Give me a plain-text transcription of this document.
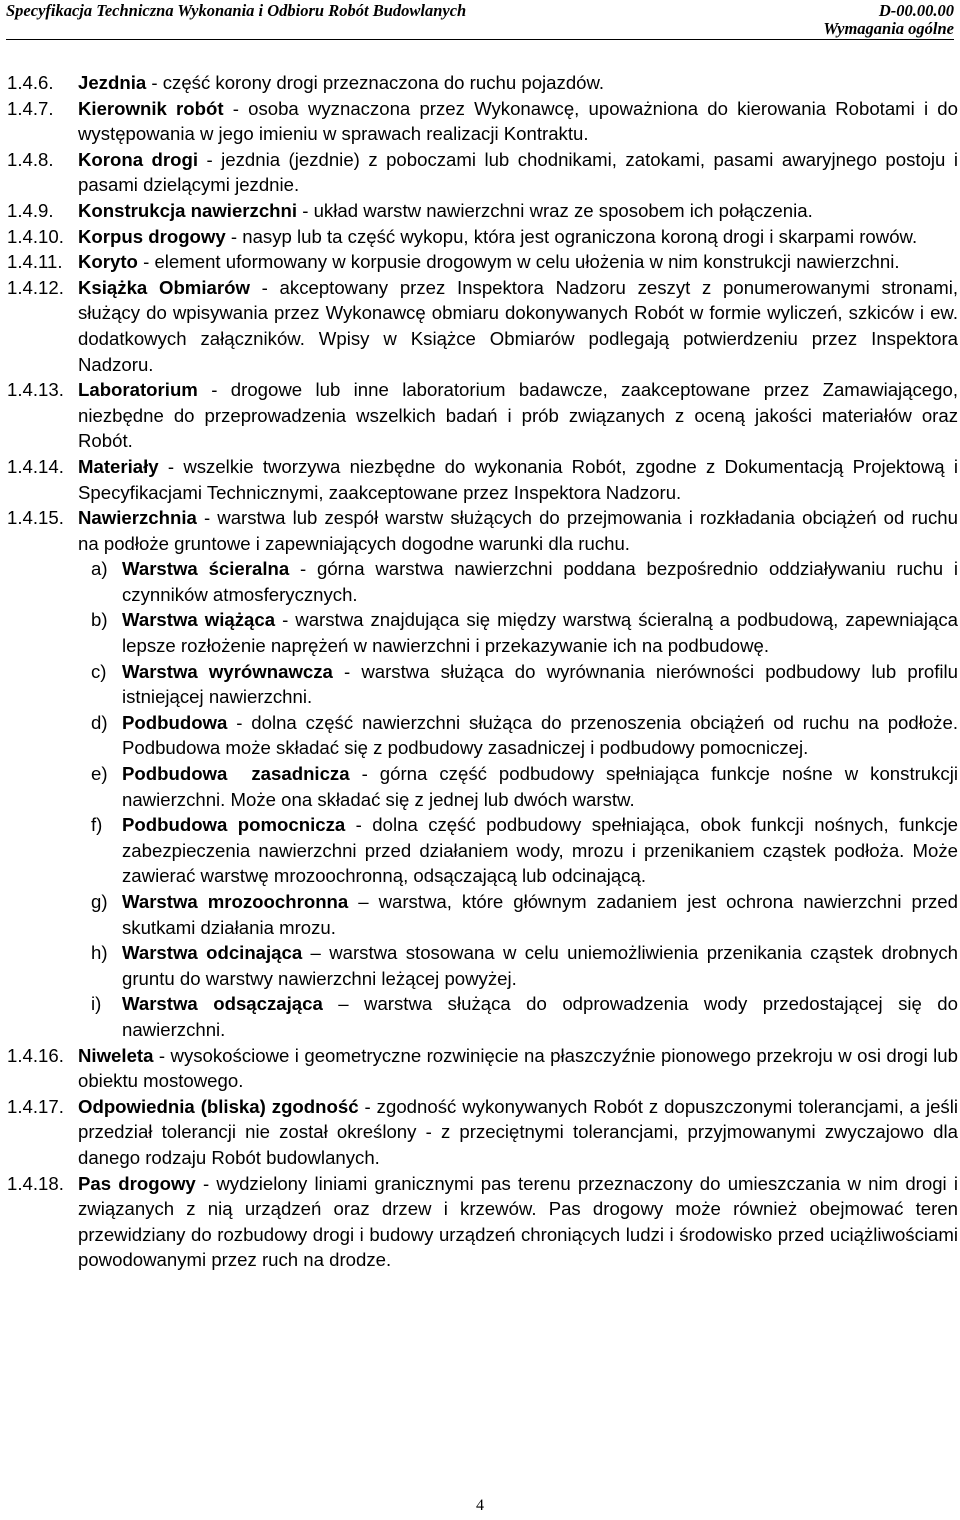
Specyfikacja Techniczna Wykonania i Odbioru Robót Budowlanych	D-00.00.00
Wymagania ogólne
1.4.6.	Jezdnia - część korony drogi przeznaczona do ruchu pojazdów.
1.4.7.	Kierownik robót - osoba wyznaczona przez Wykonawcę, upoważniona do kierowania Robotami i do występowania w jego imieniu w sprawach realizacji Kontraktu.
1.4.8.	Korona drogi - jezdnia (jezdnie) z poboczami lub chodnikami, zatokami, pasami awaryjnego postoju i pasami dzielącymi jezdnie.
1.4.9.	Konstrukcja nawierzchni - układ warstw nawierzchni wraz ze sposobem ich połączenia.
1.4.10. Korpus drogowy - nasyp lub ta część wykopu, która jest ograniczona koroną drogi i skarpami rowów.
1.4.11. Koryto - element uformowany w korpusie drogowym w celu ułożenia w nim konstrukcji nawierzchni.
1.4.12. Książka Obmiarów - akceptowany przez Inspektora Nadzoru zeszyt z ponumerowanymi stronami, służący do wpisywania przez Wykonawcę obmiaru dokonywanych Robót w formie wyliczeń, szkiców i ew. dodatkowych załączników. Wpisy w Książce Obmiarów podlegają potwierdzeniu przez Inspektora Nadzoru.
1.4.13. Laboratorium - drogowe lub inne laboratorium badawcze, zaakceptowane przez Zamawiającego, niezbędne do przeprowadzenia wszelkich badań i prób związanych z oceną jakości materiałów oraz Robót.
1.4.14. Materiały - wszelkie tworzywa niezbędne do wykonania Robót, zgodne z Dokumentacją Projektową i Specyfikacjami Technicznymi, zaakceptowane przez Inspektora Nadzoru.
1.4.15. Nawierzchnia - warstwa lub zespół warstw służących do przejmowania i rozkładania obciążeń od ruchu na podłoże gruntowe i zapewniających dogodne warunki dla ruchu.
a) Warstwa ścieralna - górna warstwa nawierzchni poddana bezpośrednio oddziaływaniu ruchu i czynników atmosferycznych.
b) Warstwa wiążąca - warstwa znajdująca się między warstwą ścieralną a podbudową, zapewniająca lepsze rozłożenie naprężeń w nawierzchni i przekazywanie ich na podbudowę.
c) Warstwa wyrównawcza - warstwa służąca do wyrównania nierówności podbudowy lub profilu istniejącej nawierzchni.
d) Podbudowa - dolna część nawierzchni służąca do przenoszenia obciążeń od ruchu na podłoże. Podbudowa może składać się z podbudowy zasadniczej i podbudowy pomocniczej.
e) Podbudowa  zasadnicza - górna część podbudowy spełniająca funkcje nośne w konstrukcji nawierzchni. Może ona składać się z jednej lub dwóch warstw.
f)	Podbudowa pomocnicza - dolna część podbudowy spełniająca, obok funkcji nośnych, funkcje zabezpieczenia nawierzchni przed działaniem wody, mrozu i przenikaniem cząstek podłoża. Może zawierać warstwę mrozoochronną, odsączającą lub odcinającą.
g) Warstwa mrozoochronna – warstwa, które głównym zadaniem jest ochrona nawierzchni przed skutkami działania mrozu.
h) Warstwa odcinająca – warstwa stosowana w celu uniemożliwienia przenikania cząstek drobnych gruntu do warstwy nawierzchni leżącej powyżej.
i)	Warstwa odsączająca – warstwa służąca do odprowadzenia wody przedostającej się do nawierzchni.
1.4.16. Niweleta - wysokościowe i geometryczne rozwinięcie na płaszczyźnie pionowego przekroju w osi drogi lub obiektu mostowego.
1.4.17. Odpowiednia (bliska) zgodność - zgodność wykonywanych Robót z dopuszczonymi tolerancjami, a jeśli przedział tolerancji nie został określony - z przeciętnymi tolerancjami, przyjmowanymi zwyczajowo dla danego rodzaju Robót budowlanych.
1.4.18. Pas drogowy - wydzielony liniami granicznymi pas terenu przeznaczony do umieszczania w nim drogi i związanych z nią urządzeń oraz drzew i krzewów. Pas drogowy może również obejmować teren przewidziany do rozbudowy drogi i budowy urządzeń chroniących ludzi i środowisko przed uciążliwościami powodowanymi przez ruch na drodze.
4
